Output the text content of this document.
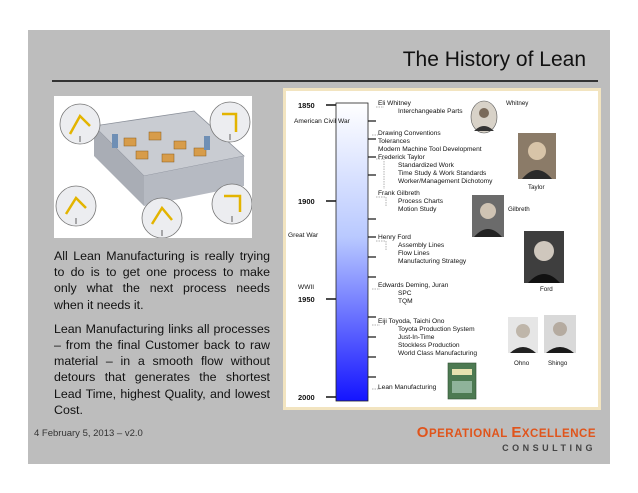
The History of Lean

All Lean Manufacturing is really trying to do is to get one process to make only what the next process needs when it needs it.

Lean Manufacturing links all processes – from the final Customer back to raw material – in a smooth flow without detours that generates the shortest Lead Time, highest Quality, and lowest Cost.

1850
1900
1950
2000
American Civil War
Great War
WWII
Eli Whitney
Interchangeable Parts
Drawing Conventions
Tolerances
Modern Machine Tool Development
Frederick Taylor
Standardized Work
Time Study & Work Standards
Worker/Management Dichotomy
Frank Gilbreth
Process Charts
Motion Study
Henry Ford
Assembly Lines
Flow Lines
Manufacturing Strategy
Edwards Deming, Juran
SPC
TQM
Eiji Toyoda, Taichi Ono
Toyota Production System
Just-In-Time
Stockless Production
World Class Manufacturing
Lean Manufacturing
Whitney
Taylor
Gilbreth
Ford
Ohno	Shingo
4 February 5, 2013 – v2.0	OPERATIONAL EXCELLENCE
CONSULTING
